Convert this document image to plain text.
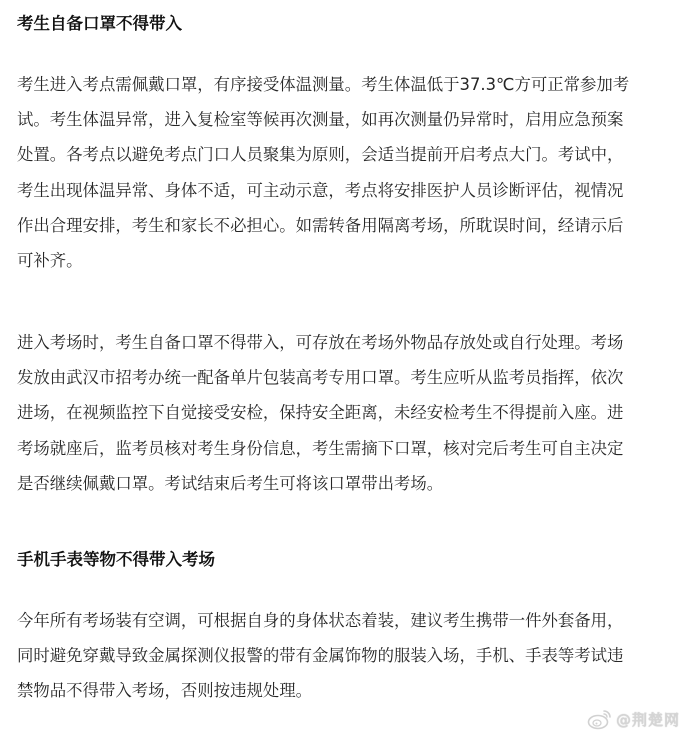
考生自备口罩不得带入

考生进入考点需佩戴口罩，有序接受体温测量。考生体温低于37.3℃方可正常参加考
试。考生体温异常，进入复检室等候再次测量，如再次测量仍异常时，启用应急预案
处置。各考点以避免考点门口人员聚集为原则，会适当提前开启考点大门。考试中，
考生出现体温异常、身体不适，可主动示意，考点将安排医护人员诊断评估，视情况
作出合理安排，考生和家长不必担心。如需转备用隔离考场，所耽误时间，经请示后
可补齐。

进入考场时，考生自备口罩不得带入，可存放在考场外物品存放处或自行处理。考场
发放由武汉市招考办统一配备单片包装高考专用口罩。考生应听从监考员指挥，依次
进场，在视频监控下自觉接受安检，保持安全距离，未经安检考生不得提前入座。进
考场就座后，监考员核对考生身份信息，考生需摘下口罩，核对完后考生可自主决定
是否继续佩戴口罩。考试结束后考生可将该口罩带出考场。

手机手表等物不得带入考场

今年所有考场装有空调，可根据自身的身体状态着装，建议考生携带一件外套备用，
同时避免穿戴导致金属探测仪报警的带有金属饰物的服装入场，手机、手表等考试违
禁物品不得带入考场，否则按违规处理。

@荆楚网
